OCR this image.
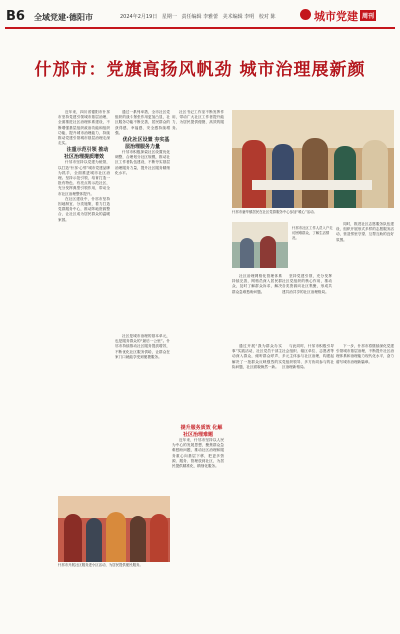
B6 全域党建·德阳市	2024年2月19日 星期一 责任编辑 李雅蕾 美术编辑 李明 校对 陈	城市党建 周刊
什邡市：党旗高扬风帆劲 城市治理展新颜

近年来，四川省德阳市什邡市坚持党建引领城市基层治理，全面推进社区治理体系建设，不断增强基层组织政治功能和组织功能，提升城市治理能力，持续推动党建引领城市基层治理走深走实。

注重示范引领 推动社区治理提质增效

什邡市坚持以党建为统领，以打造“什邡·心邻”城市党建品牌为抓手，全面推进城市社区治理。坚持示范引领，培育打造一批有特色、有亮点的示范社区，充分发挥典型引领作用，带动全市社区治理整体提升。

在社区建设中，什邡市坚持因地制宜、分类施策，着力打造党群服务中心，推动阵地资源整合，让社区成为居民群众的温暖家园。

通过一系列举措，全市社区党组织的战斗堡垒作用更加凸显，社区服务功能不断完善，居民群众的获得感、幸福感、安全感持续增强。

优化社区设置 夯实基层治理服务力量

什邡市积极探索社区设置优化调整，合理划分社区规模，推动社区工作者队伍建设，不断夯实基层治理服务力量，提升社区服务精细化水平。

社区书记工作室不断发挥作用，带动广大社区工作者提升能力，为居民提供便捷、高效的服务。

什邡市蓥华镇居民在社区党群服务中心参加“暖心”活动。
什邡市社区工作人员入户走访困难群众，了解生活情况。

同时，推进社区志愿服务队伍建设，组织开展形式多样的志愿服务活动，营造邻里守望、互帮互助的良好氛围。

社区治理网格化管理体系持续完善，网格员深入居民群众，及时了解群众诉求，解决群众急难愁盼问题。

坚持党建引领，充分发挥社区党组织的核心作用，推动各类资源向社区集聚，形成共建共治共享的社区治理格局。

什邡市开展社区服务进小区活动，为居民提供便民服务。

社区是城市治理的基本单元，也是服务群众的“最后一公里”。什邡市持续推动社区服务提质增效，不断优化社区服务供给，让群众在家门口就能享受到便捷服务。

提升服务质效 化解社区治理难题

近年来，什邡市坚持以人民为中心的发展思想，聚焦群众急难愁盼问题，推动社区治理和服务重心向基层下移，把更多资源、服务、管理放到社区，为居民提供精准化、精细化服务。

通过开展“我为群众办实事”实践活动，社区党员干部主动深入群众，倾听群众呼声，解决了一批群众反映强烈的实际问题，社区面貌焕然一新。

与此同时，什邡市积极引导社会组织、辖区单位、志愿者等多元主体参与社区治理，构建起党组织领导、多方协同参与的社区治理新格局。

下一步，什邡市将继续深化党建引领城市基层治理，不断提升社区治理体系和治理能力现代化水平，奋力谱写城市治理新篇章。
